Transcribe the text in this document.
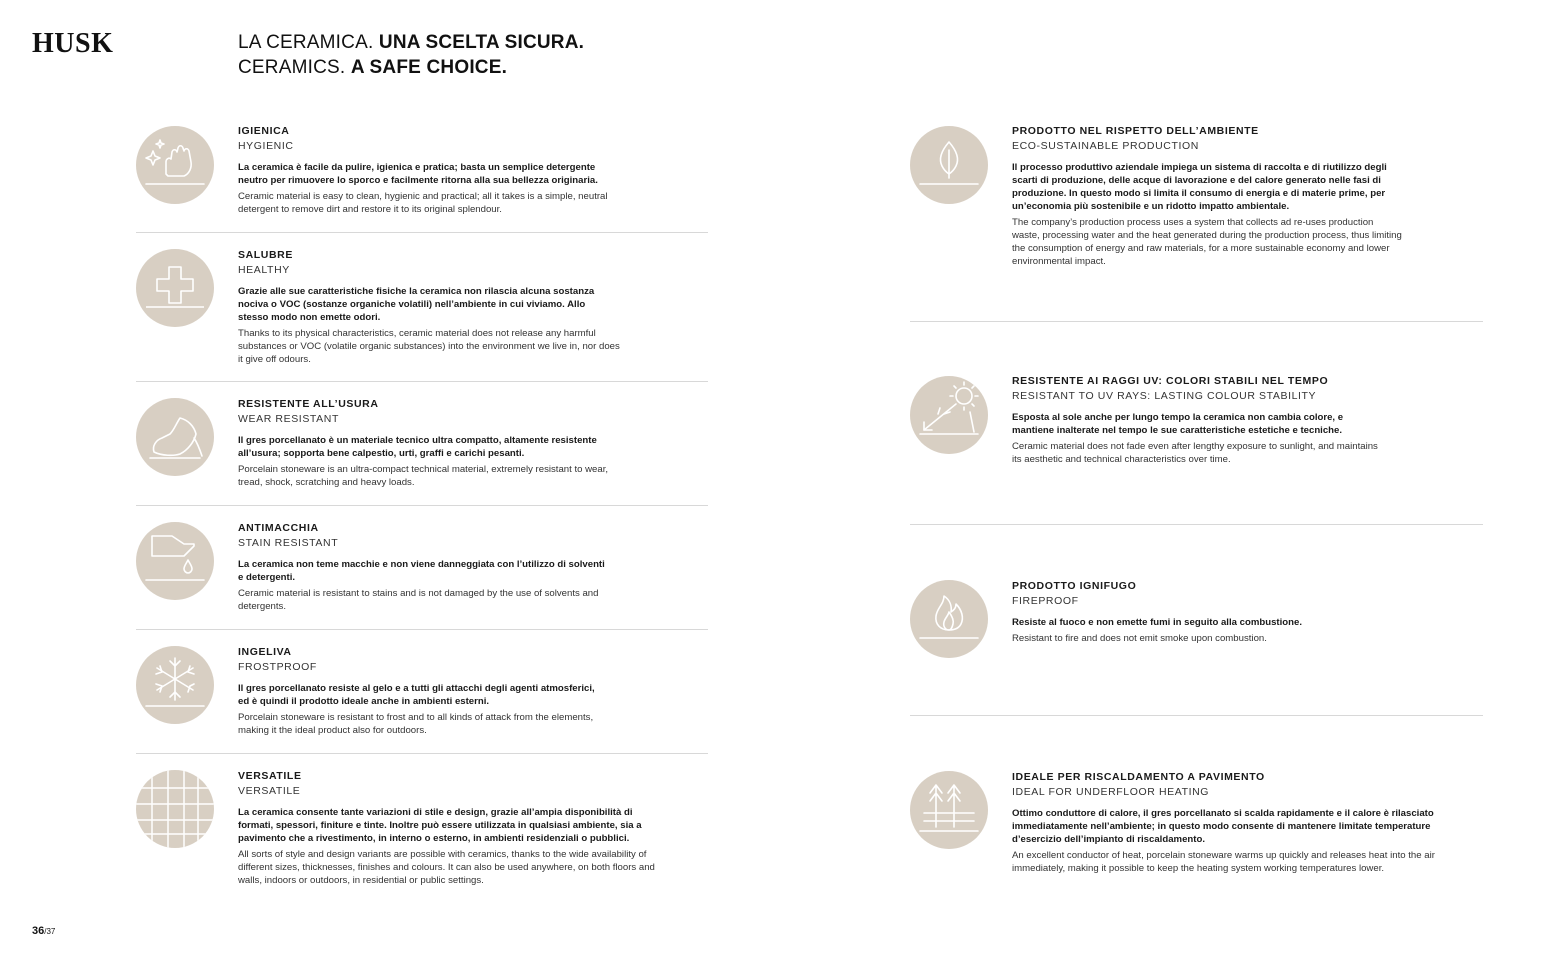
HUSK	LA CERAMICA. UNA SCELTA SICURA.
CERAMICS. A SAFE CHOICE.

IGIENICA

HYGIENIC

La ceramica è facile da pulire, igienica e pratica; basta un semplice detergente neutro per rimuovere lo sporco e facilmente ritorna alla sua bellezza originaria.

Ceramic material is easy to clean, hygienic and practical; all it takes is a simple, neutral detergent to remove dirt and restore it to its original splendour.

SALUBRE

HEALTHY

Grazie alle sue caratteristiche fisiche la ceramica non rilascia alcuna sostanza nociva o VOC (sostanze organiche volatili) nell’ambiente in cui viviamo. Allo stesso modo non emette odori.

Thanks to its physical characteristics, ceramic material does not release any harmful substances or VOC (volatile organic substances) into the environment we live in, nor does it give off odours.

RESISTENTE ALL’USURA

WEAR RESISTANT

Il gres porcellanato è un materiale tecnico ultra compatto, altamente resistente all’usura; sopporta bene calpestio, urti, graffi e carichi pesanti.

Porcelain stoneware is an ultra-compact technical material, extremely resistant to wear, tread, shock, scratching and heavy loads.

ANTIMACCHIA

STAIN RESISTANT

La ceramica non teme macchie e non viene danneggiata con l’utilizzo di solventi e detergenti.

Ceramic material is resistant to stains and is not damaged by the use of solvents and detergents.

INGELIVA

FROSTPROOF

Il gres porcellanato resiste al gelo e a tutti gli attacchi degli agenti atmosferici, ed è quindi il prodotto ideale anche in ambienti esterni.

Porcelain stoneware is resistant to frost and to all kinds of attack from the elements, making it the ideal product also for outdoors.

VERSATILE

VERSATILE

La ceramica consente tante variazioni di stile e design, grazie all’ampia disponibilità di formati, spessori, finiture e tinte. Inoltre può essere utilizzata in qualsiasi ambiente, sia a pavimento che a rivestimento, in interno o esterno, in ambienti residenziali o pubblici.

All sorts of style and design variants are possible with ceramics, thanks to the wide availability of different sizes, thicknesses, finishes and colours. It can also be used anywhere, on both floors and walls, indoors or outdoors, in residential or public settings.

PRODOTTO NEL RISPETTO DELL’AMBIENTE

ECO-SUSTAINABLE PRODUCTION

Il processo produttivo aziendale impiega un sistema di raccolta e di riutilizzo degli scarti di produzione, delle acque di lavorazione e del calore generato nelle fasi di produzione. In questo modo si limita il consumo di energia e di materie prime, per un’economia più sostenibile e un ridotto impatto ambientale.

The company’s production process uses a system that collects ad re-uses production waste, processing water and the heat generated during the production process, thus limiting the consumption of energy and raw materials, for a more sustainable economy and lower environmental impact.

RESISTENTE AI RAGGI UV: COLORI STABILI NEL TEMPO

RESISTANT TO UV RAYS: LASTING COLOUR STABILITY

Esposta al sole anche per lungo tempo la ceramica non cambia colore, e mantiene inalterate nel tempo le sue caratteristiche estetiche e tecniche.

Ceramic material does not fade even after lengthy exposure to sunlight, and maintains its aesthetic and technical characteristics over time.

PRODOTTO IGNIFUGO

FIREPROOF

Resiste al fuoco e non emette fumi in seguito alla combustione.

Resistant to fire and does not emit smoke upon combustion.

IDEALE PER RISCALDAMENTO A PAVIMENTO

IDEAL FOR UNDERFLOOR HEATING

Ottimo conduttore di calore, il gres porcellanato si scalda rapidamente e il calore è rilasciato immediatamente nell’ambiente; in questo modo consente di mantenere limitate temperature d’esercizio dell’impianto di riscaldamento.

An excellent conductor of heat, porcelain stoneware warms up quickly and releases heat into the air immediately, making it possible to keep the heating system working temperatures lower.

36/37
